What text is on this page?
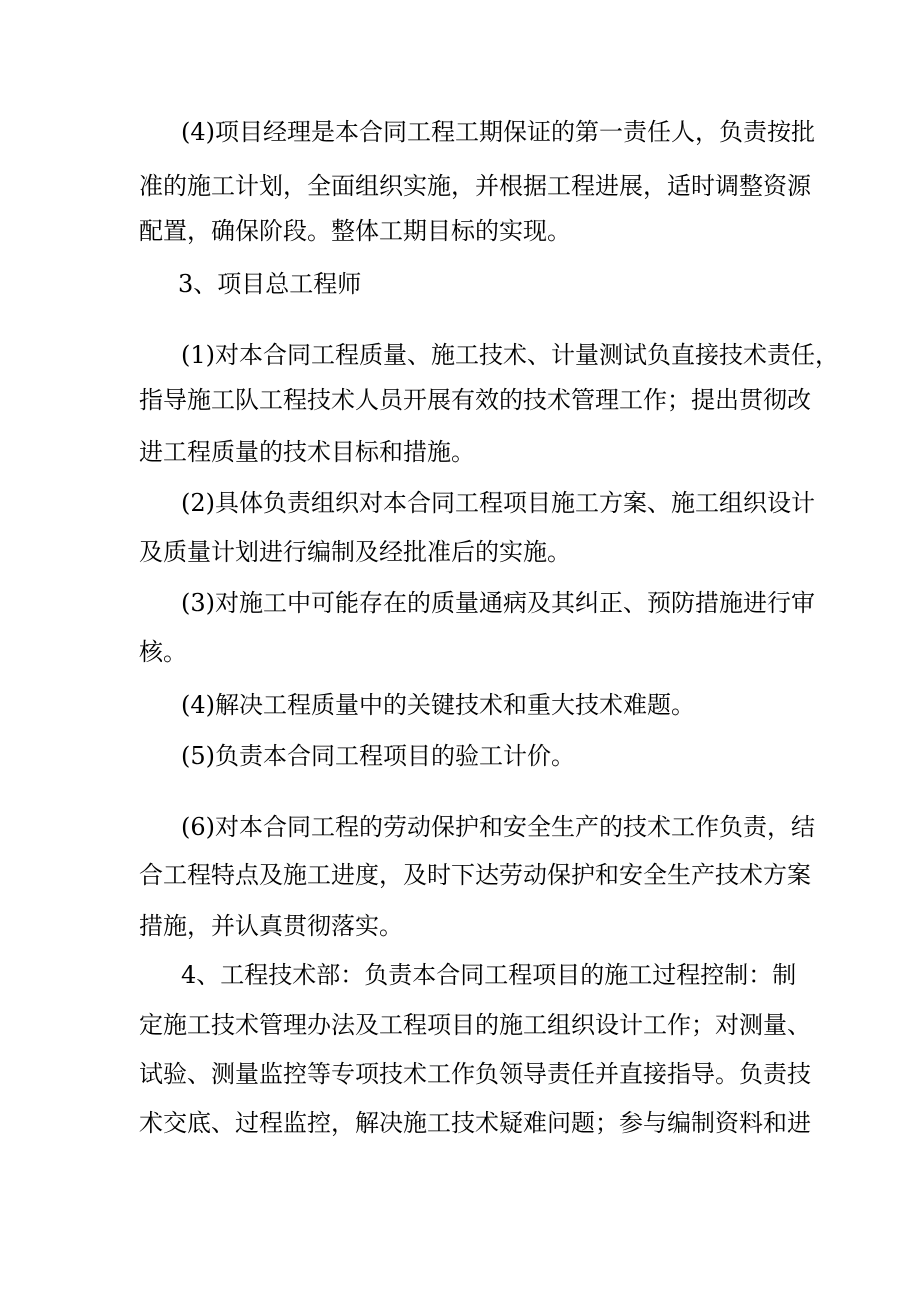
(4)项目经理是本合同工程工期保证的第一责任人，负责按批
准的施工计划，全面组织实施，并根据工程进展，适时调整资源
配置，确保阶段。整体工期目标的实现。
3、项目总工程师
(1)对本合同工程质量、施工技术、计量测试负直接技术责任，
指导施工队工程技术人员开展有效的技术管理工作；提出贯彻改
进工程质量的技术目标和措施。
(2)具体负责组织对本合同工程项目施工方案、施工组织设计
及质量计划进行编制及经批准后的实施。
(3)对施工中可能存在的质量通病及其纠正、预防措施进行审
核。
(4)解决工程质量中的关键技术和重大技术难题。
(5)负责本合同工程项目的验工计价。
(6)对本合同工程的劳动保护和安全生产的技术工作负责，结
合工程特点及施工进度，及时下达劳动保护和安全生产技术方案
措施，并认真贯彻落实。
4、工程技术部：负责本合同工程项目的施工过程控制：制
定施工技术管理办法及工程项目的施工组织设计工作；对测量、
试验、测量监控等专项技术工作负领导责任并直接指导。负责技
术交底、过程监控，解决施工技术疑难问题；参与编制资料和进
